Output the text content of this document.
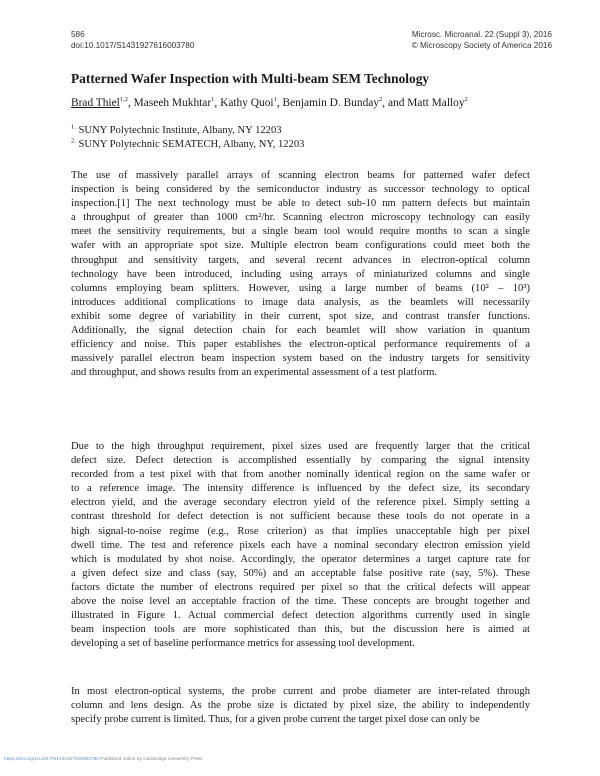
586
doi:10.1017/S1431927616003780
Microsc. Microanal. 22 (Suppl 3), 2016
© Microscopy Society of America 2016
Patterned Wafer Inspection with Multi-beam SEM Technology
Brad Thiel$^{1,2}$, Maseeh Mukhtar$^1$, Kathy Quoi$^1$, Benjamin D. Bunday$^2$, and Matt Malloy$^2$
$^{1.}$ SUNY Polytechnic Institute, Albany, NY 12203
$^{2.}$ SUNY Polytechnic SEMATECH, Albany, NY, 12203
The use of massively parallel arrays of scanning electron beams for patterned wafer defect
inspection is being considered by the semiconductor industry as successor technology to optical
inspection.[1] The next technology must be able to detect sub-10 nm pattern defects but maintain
a throughput of greater than 1000 cm²/hr. Scanning electron microscopy technology can easily
meet the sensitivity requirements, but a single beam tool would require months to scan a single
wafer with an appropriate spot size. Multiple electron beam configurations could meet both the
throughput and sensitivity targets, and several recent advances in electron-optical column
technology have been introduced, including using arrays of miniaturized columns and single
columns employing beam splitters. However, using a large number of beams (10² – 10³)
introduces additional complications to image data analysis, as the beamlets will necessarily
exhibit some degree of variability in their current, spot size, and contrast transfer functions.
Additionally, the signal detection chain for each beamlet will show variation in quantum
efficiency and noise. This paper establishes the electron-optical performance requirements of a
massively parallel electron beam inspection system based on the industry targets for sensitivity
and throughput, and shows results from an experimental assessment of a test platform.
Due to the high throughput requirement, pixel sizes used are frequently larger that the critical
defect size. Defect detection is accomplished essentially by comparing the signal intensity
recorded from a test pixel with that from another nominally identical region on the same wafer or
to a reference image. The intensity difference is influenced by the defect size, its secondary
electron yield, and the average secondary electron yield of the reference pixel. Simply setting a
contrast threshold for defect detection is not sufficient because these tools do not operate in a
high signal-to-noise regime (e.g., Rose criterion) as that implies unacceptable high per pixel
dwell time. The test and reference pixels each have a nominal secondary electron emission yield
which is modulated by shot noise. Accordingly, the operator determines a target capture rate for
a given defect size and class (say, 50%) and an acceptable false positive rate (say, 5%). These
factors dictate the number of electrons required per pixel so that the critical defects will appear
above the noise level an acceptable fraction of the time. These concepts are brought together and
illustrated in Figure 1. Actual commercial defect detection algorithms currently used in single
beam inspection tools are more sophisticated than this, but the discussion here is aimed at
developing a set of baseline performance metrics for assessing tool development.
In most electron-optical systems, the probe current and probe diameter are inter-related through
column and lens design. As the probe size is dictated by pixel size, the ability to independently
specify probe current is limited. Thus, for a given probe current the target pixel dose can only be
https://doi.org/10.1017/S1431927616003780 Published online by Cambridge University Press
